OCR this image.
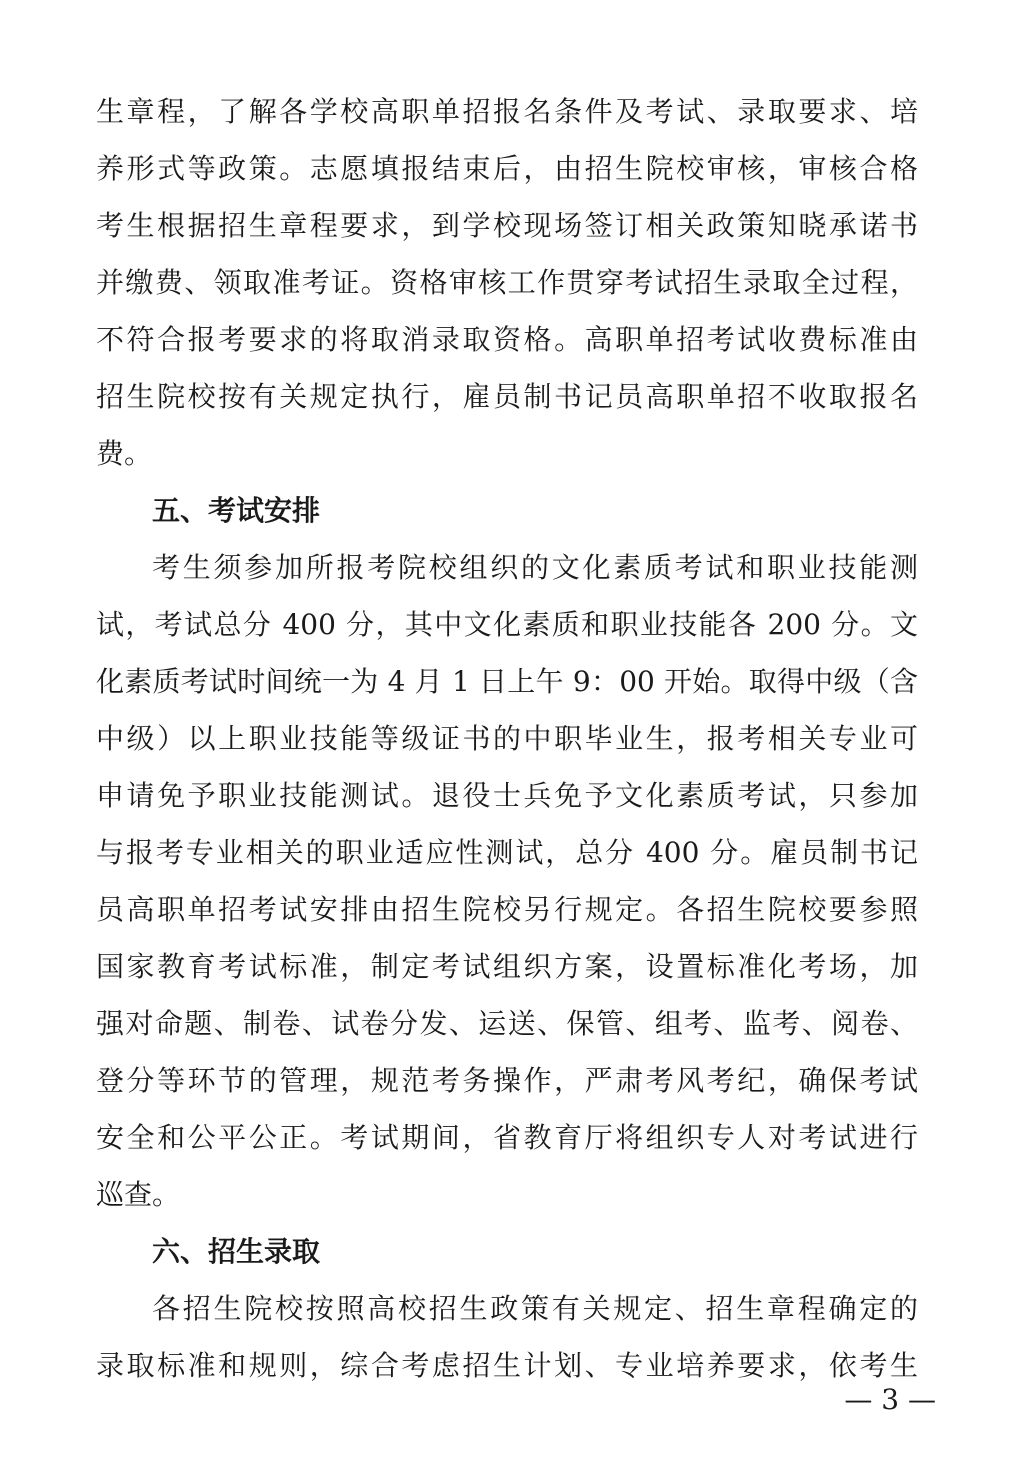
生章程，了解各学校高职单招报名条件及考试、录取要求、培
养形式等政策。志愿填报结束后，由招生院校审核，审核合格
考生根据招生章程要求，到学校现场签订相关政策知晓承诺书
并缴费、领取准考证。资格审核工作贯穿考试招生录取全过程，
不符合报考要求的将取消录取资格。高职单招考试收费标准由
招生院校按有关规定执行，雇员制书记员高职单招不收取报名
费。
五、考试安排
考生须参加所报考院校组织的文化素质考试和职业技能测
试，考试总分 400 分，其中文化素质和职业技能各 200 分。文
化素质考试时间统一为 4 月 1 日上午 9：00 开始。取得中级（含
中级）以上职业技能等级证书的中职毕业生，报考相关专业可
申请免予职业技能测试。退役士兵免予文化素质考试，只参加
与报考专业相关的职业适应性测试，总分 400 分。雇员制书记
员高职单招考试安排由招生院校另行规定。各招生院校要参照
国家教育考试标准，制定考试组织方案，设置标准化考场，加
强对命题、制卷、试卷分发、运送、保管、组考、监考、阅卷、
登分等环节的管理，规范考务操作，严肃考风考纪，确保考试
安全和公平公正。考试期间，省教育厅将组织专人对考试进行
巡查。
六、招生录取
各招生院校按照高校招生政策有关规定、招生章程确定的
录取标准和规则，综合考虑招生计划、专业培养要求，依考生
— 3 —
